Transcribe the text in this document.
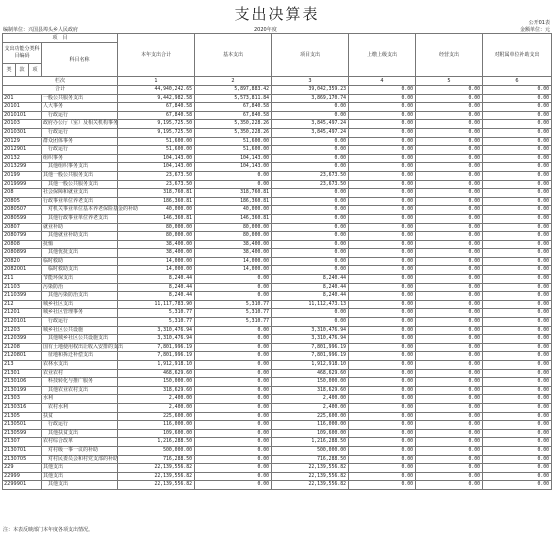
支出决算表	公开01表
编制单位：兴国县埠头乡人民政府	2020年度	金额单位：元
项　目				本年支出合计	基本支出	项目支出	上缴上级支出	经营支出	对附属单位补助支出
支出功能分类科目编码			科目名称						
类	款	项							
栏次				1	2	3	4	5	6
合计				44,940,242.65	5,897,883.42	39,042,359.23	0.00	0.00	0.00
201			一般公共服务支出	9,442,982.58	5,573,811.84	3,869,170.74	0.00	0.00	0.00
20101			人大事务	67,840.58	67,840.58	0.00	0.00	0.00	0.00
2010101			行政运行	67,840.58	67,840.58	0.00	0.00	0.00	0.00
20103			政府办公厅（室）及相关机构事务	9,195,725.50	5,350,228.26	3,845,497.24	0.00	0.00	0.00
2010301			行政运行	9,195,725.50	5,350,228.26	3,845,497.24	0.00	0.00	0.00
20129			群众团体事务	51,600.00	51,600.00	0.00	0.00	0.00	0.00
2012901			行政运行	51,600.00	51,600.00	0.00	0.00	0.00	0.00
20132			组织事务	104,143.00	104,143.00	0.00	0.00	0.00	0.00
2013299			其他组织事务支出	104,143.00	104,143.00	0.00	0.00	0.00	0.00
20199			其他一般公共服务支出	23,673.50	0.00	23,673.50	0.00	0.00	0.00
2019999			其他一般公共服务支出	23,673.50	0.00	23,673.50	0.00	0.00	0.00
208			社会保障和就业支出	318,760.81	318,760.81	0.00	0.00	0.00	0.00
20805			行政事业单位养老支出	186,360.81	186,360.81	0.00	0.00	0.00	0.00
2080507			对机关事业单位基本养老保险基金的补助	40,000.00	40,000.00	0.00	0.00	0.00	0.00
2080599			其他行政事业单位养老支出	146,360.81	146,360.81	0.00	0.00	0.00	0.00
20807			就业补助	80,000.00	80,000.00	0.00	0.00	0.00	0.00
2080799			其他就业补助支出	80,000.00	80,000.00	0.00	0.00	0.00	0.00
20808			抚恤	38,400.00	38,400.00	0.00	0.00	0.00	0.00
2080899			其他优抚支出	38,400.00	38,400.00	0.00	0.00	0.00	0.00
20820			临时救助	14,000.00	14,000.00	0.00	0.00	0.00	0.00
2082001			临时救助支出	14,000.00	14,000.00	0.00	0.00	0.00	0.00
211			节能环保支出	8,240.44	0.00	8,240.44	0.00	0.00	0.00
21103			污染防治	8,240.44	0.00	8,240.44	0.00	0.00	0.00
2110399			其他污染防治支出	8,240.44	0.00	8,240.44	0.00	0.00	0.00
212			城乡社区支出	11,117,783.90	5,310.77	11,112,473.13	0.00	0.00	0.00
21201			城乡社区管理事务	5,310.77	5,310.77	0.00	0.00	0.00	0.00
2120101			行政运行	5,310.77	5,310.77	0.00	0.00	0.00	0.00
21203			城乡社区公共设施	3,310,476.94	0.00	3,310,476.94	0.00	0.00	0.00
2120399			其他城乡社区公共设施支出	3,310,476.94	0.00	3,310,476.94	0.00	0.00	0.00
21208			国有土地使用权出让收入安排的支出	7,801,996.19	0.00	7,801,996.19	0.00	0.00	0.00
2120801			征地和拆迁补偿支出	7,801,996.19	0.00	7,801,996.19	0.00	0.00	0.00
213			农林水支出	1,912,918.10	0.00	1,912,918.10	0.00	0.00	0.00
21301			农业农村	468,629.60	0.00	468,629.60	0.00	0.00	0.00
2130106			科技转化与推广服务	150,000.00	0.00	150,000.00	0.00	0.00	0.00
2130199			其他农业农村支出	318,629.60	0.00	318,629.60	0.00	0.00	0.00
21303			水利	2,400.00	0.00	2,400.00	0.00	0.00	0.00
2130316			农村水利	2,400.00	0.00	2,400.00	0.00	0.00	0.00
21305			扶贫	225,600.00	0.00	225,600.00	0.00	0.00	0.00
2130501			行政运行	116,000.00	0.00	116,000.00	0.00	0.00	0.00
2130599			其他扶贫支出	109,600.00	0.00	109,600.00	0.00	0.00	0.00
21307			农村综合改革	1,216,288.50	0.00	1,216,288.50	0.00	0.00	0.00
2130701			对村级一事一议的补助	500,000.00	0.00	500,000.00	0.00	0.00	0.00
2130705			对村民委员会和村党支部的补助	716,288.50	0.00	716,288.50	0.00	0.00	0.00
229			其他支出	22,139,556.82	0.00	22,139,556.82	0.00	0.00	0.00
22999			其他支出	22,139,556.82	0.00	22,139,556.82	0.00	0.00	0.00
2299901			其他支出	22,139,556.82	0.00	22,139,556.82	0.00	0.00	0.00
注：本表反映部门本年度各项支出情况。
